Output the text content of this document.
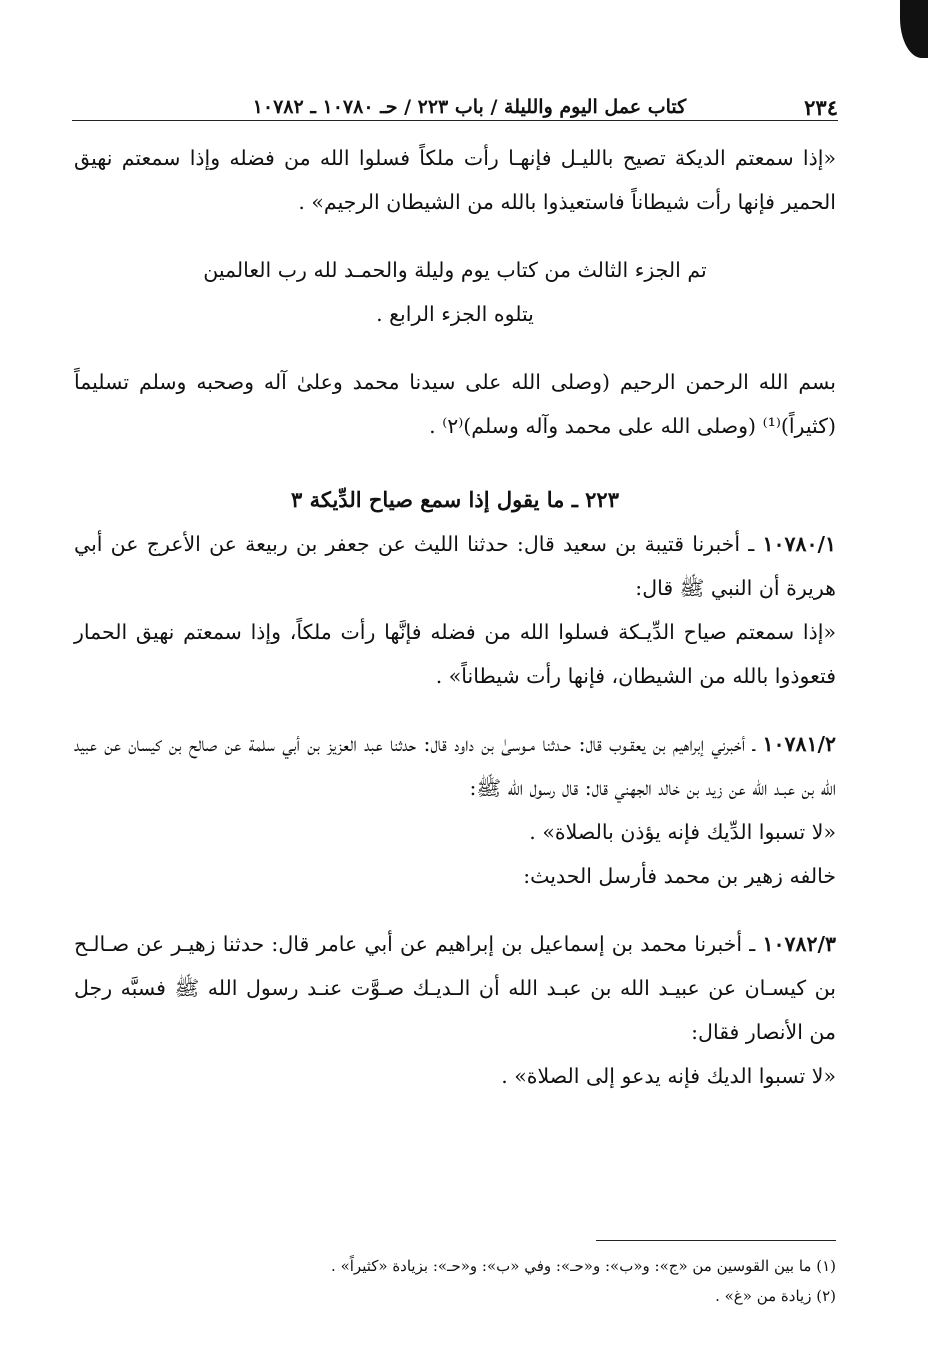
٢٣٤
كتاب عمل اليوم والليلة / باب ٢٢٣ / حـ ١٠٧٨٠ ـ ١٠٧٨٢

«إذا سمعتم الديكة تصيح بالليـل فإنهـا رأت ملكاً فسلوا الله من فضله وإذا سمعتم نهيق الحمير فإنها رأت شيطاناً فاستعيذوا بالله من الشيطان الرجيم» .

تم الجزء الثالث من كتاب يوم وليلة والحمـد لله رب العالمين

يتلوه الجزء الرابع .

بسم الله الرحمن الرحيم (وصلى الله على سيدنا محمد وعلىٰ آله وصحبه وسلم تسليماً (كثيراً)⁽¹⁾ (وصلى الله على محمد وآله وسلم)⁽٢⁾ .

٢٢٣ ـ ما يقول إذا سمع صياح الدِّيكة ٣

١٠٧٨٠/١ ـ أخبرنا قتيبة بن سعيد قال: حدثنا الليث عن جعفر بن ربيعة عن الأعرج عن أبي هريرة أن النبي ﷺ قال:

«إذا سمعتم صياح الدِّيـكة فسلوا الله من فضله فإنَّها رأت ملكاً، وإذا سمعتم نهيق الحمار فتعوذوا بالله من الشيطان، فإنها رأت شيطاناً» .

١٠٧٨١/٢ ـ أخبرني إبراهيم بن يعقـوب قال: حـدثنا مـوسىٰ بن داود قال: حدثنا عبد العزيز بن أبي سلمة عن صالح بن كيسان عن عبيد الله بن عبـد الله عن زيد بن خالد الجهني قال: قال رسول الله ﷺ:

«لا تسبوا الدِّيك فإنه يؤذن بالصلاة» .

خالفه زهير بن محمد فأرسل الحديث:

١٠٧٨٢/٣ ـ أخبرنا محمد بن إسماعيل بن إبراهيم عن أبي عامر قال: حدثنا زهيـر عن صـالـح بن كيسـان عن عبيـد الله بن عبـد الله أن الـديـك صـوَّت عنـد رسول الله ﷺ فسبَّه رجل من الأنصار فقال:

«لا تسبوا الديك فإنه يدعو إلى الصلاة» .

(١) ما بين القوسين من «ج»: و«ب»: و«حـ»: وفي «ب»: و«حـ»: بزيادة «كثيراً» .

(٢) زيادة من «غ» .
